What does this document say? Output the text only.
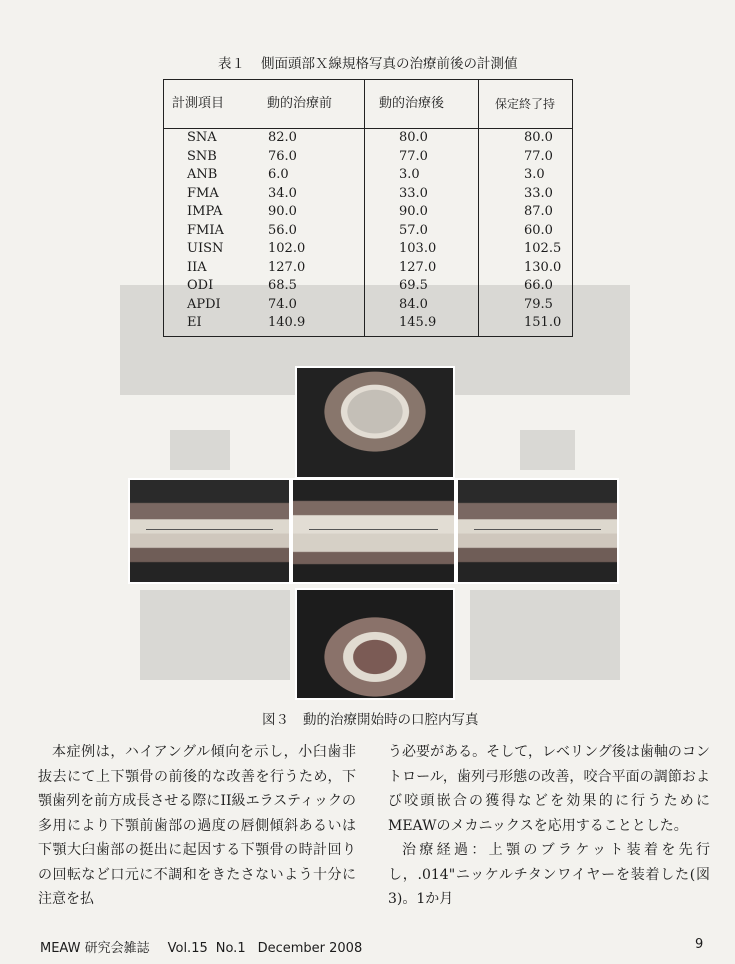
表１ 側面頭部Ｘ線規格写真の治療前後の計測値
計測項目	動的治療前	動的治療後	保定終了持
SNA	82.0	80.0	80.0
SNB	76.0	77.0	77.0
ANB	6.0	3.0	3.0
FMA	34.0	33.0	33.0
IMPA	90.0	90.0	87.0
FMIA	56.0	57.0	60.0
UISN	102.0	103.0	102.5
IIA	127.0	127.0	130.0
ODI	68.5	69.5	66.0
APDI	74.0	84.0	79.5
EI	140.9	145.9	151.0
図３ 動的治療開始時の口腔内写真

本症例は，ハイアングル傾向を示し，小臼歯非抜去にて上下顎骨の前後的な改善を行うため，下顎歯列を前方成長させる際にII級エラスティックの多用により下顎前歯部の過度の唇側傾斜あるいは下顎大臼歯部の挺出に起因する下顎骨の時計回りの回転など口元に不調和をきたさないよう十分に注意を払

う必要がある。そして，レベリング後は歯軸のコントロール，歯列弓形態の改善，咬合平面の調節および咬頭嵌合の獲得などを効果的に行うためにMEAWのメカニックスを応用することとした。

治療経過：上顎のブラケット装着を先行し，.014"ニッケルチタンワイヤーを装着した(図3)。1か月

MEAW 研究会雑誌 Vol.15 No.1 December 2008	9
